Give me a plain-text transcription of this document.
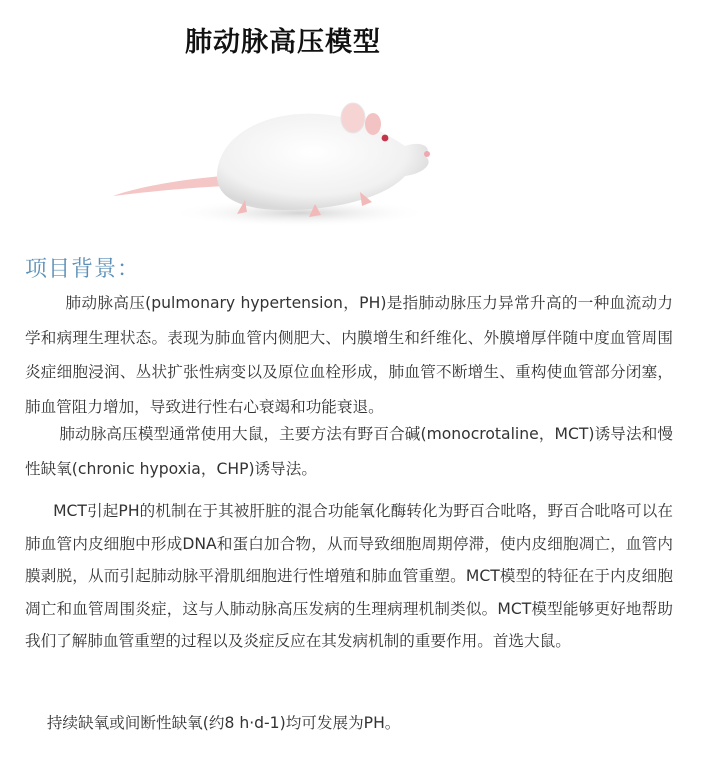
肺动脉高压模型
项目背景：

肺动脉高压(pulmonary hypertension，PH)是指肺动脉压力异常升高的一种血流动力学和病理生理状态。表现为肺血管内侧肥大、内膜增生和纤维化、外膜增厚伴随中度血管周围炎症细胞浸润、丛状扩张性病变以及原位血栓形成，肺血管不断增生、重构使血管部分闭塞，肺血管阻力增加，导致进行性右心衰竭和功能衰退。

肺动脉高压模型通常使用大鼠，主要方法有野百合碱(monocrotaline，MCT)诱导法和慢性缺氧(chronic hypoxia，CHP)诱导法。

MCT引起PH的机制在于其被肝脏的混合功能氧化酶转化为野百合吡咯，野百合吡咯可以在肺血管内皮细胞中形成DNA和蛋白加合物，从而导致细胞周期停滞，使内皮细胞凋亡，血管内膜剥脱，从而引起肺动脉平滑肌细胞进行性增殖和肺血管重塑。MCT模型的特征在于内皮细胞凋亡和血管周围炎症，这与人肺动脉高压发病的生理病理机制类似。MCT模型能够更好地帮助我们了解肺血管重塑的过程以及炎症反应在其发病机制的重要作用。首选大鼠。

持续缺氧或间断性缺氧(约8 h·d-1)均可发展为PH。
